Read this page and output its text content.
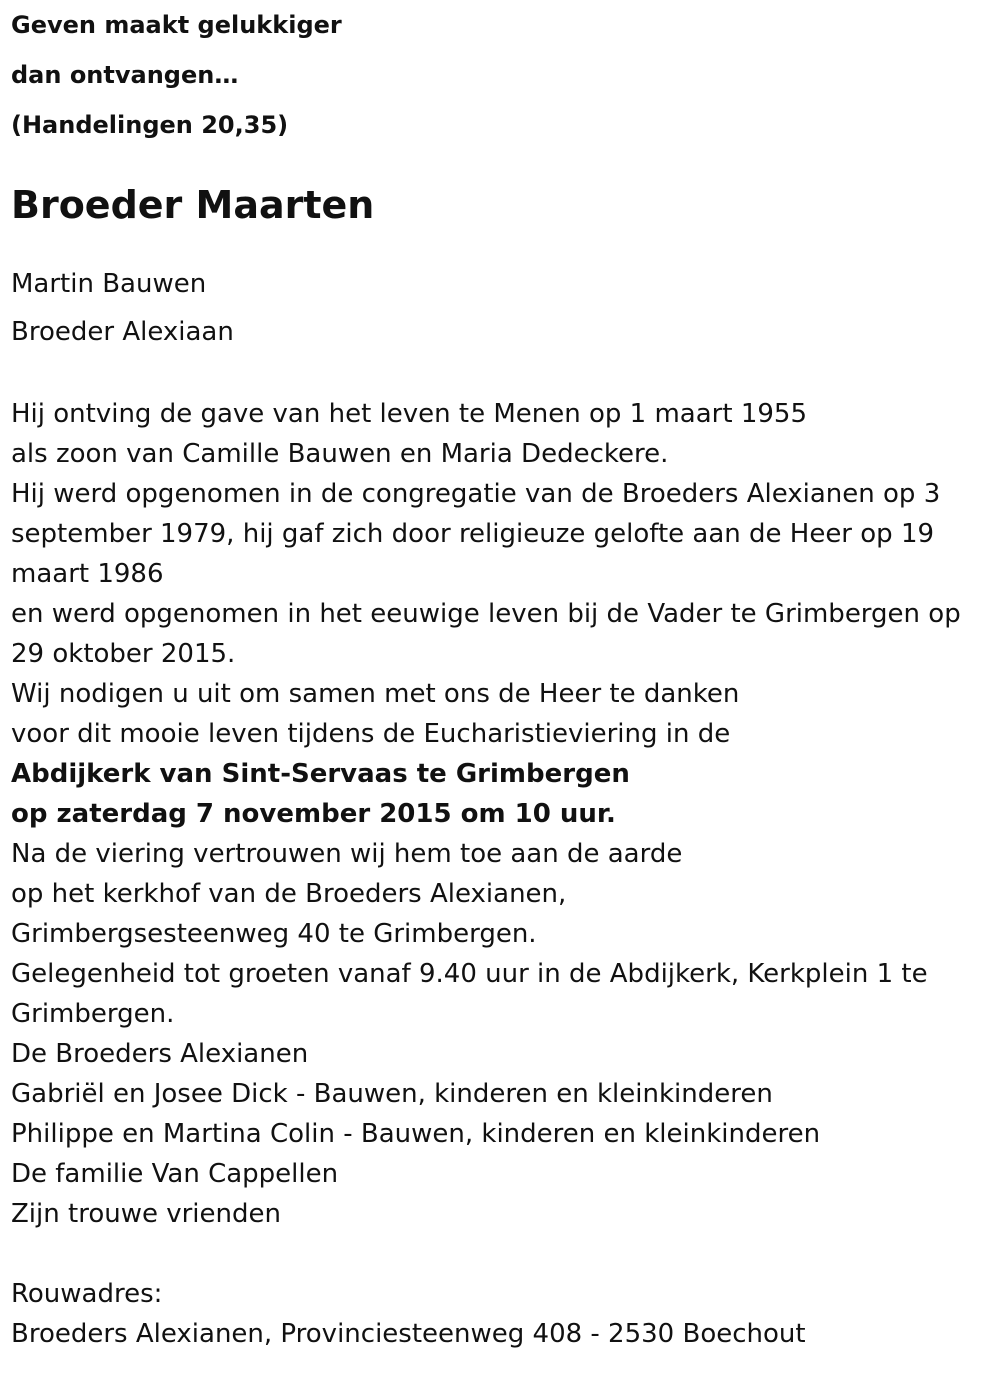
Geven maakt gelukkiger
dan ontvangen…
(Handelingen 20,35)
Broeder Maarten
Martin Bauwen
Broeder Alexiaan
Hij ontving de gave van het leven te Menen op 1 maart 1955
als zoon van Camille Bauwen en Maria Dedeckere.
Hij werd opgenomen in de congregatie van de Broeders Alexianen op 3
september 1979, hij gaf zich door religieuze gelofte aan de Heer op 19
maart 1986
en werd opgenomen in het eeuwige leven bij de Vader te Grimbergen op
29 oktober 2015.
Wij nodigen u uit om samen met ons de Heer te danken
voor dit mooie leven tijdens de Eucharistieviering in de
Abdijkerk van Sint-Servaas te Grimbergen
op zaterdag 7 november 2015 om 10 uur.
Na de viering vertrouwen wij hem toe aan de aarde
op het kerkhof van de Broeders Alexianen,
Grimbergsesteenweg 40 te Grimbergen.
Gelegenheid tot groeten vanaf 9.40 uur in de Abdijkerk, Kerkplein 1 te
Grimbergen.
De Broeders Alexianen
Gabriël en Josee Dick - Bauwen, kinderen en kleinkinderen
Philippe en Martina Colin - Bauwen, kinderen en kleinkinderen
De familie Van Cappellen
Zijn trouwe vrienden
Rouwadres:
Broeders Alexianen, Provinciesteenweg 408 - 2530 Boechout
